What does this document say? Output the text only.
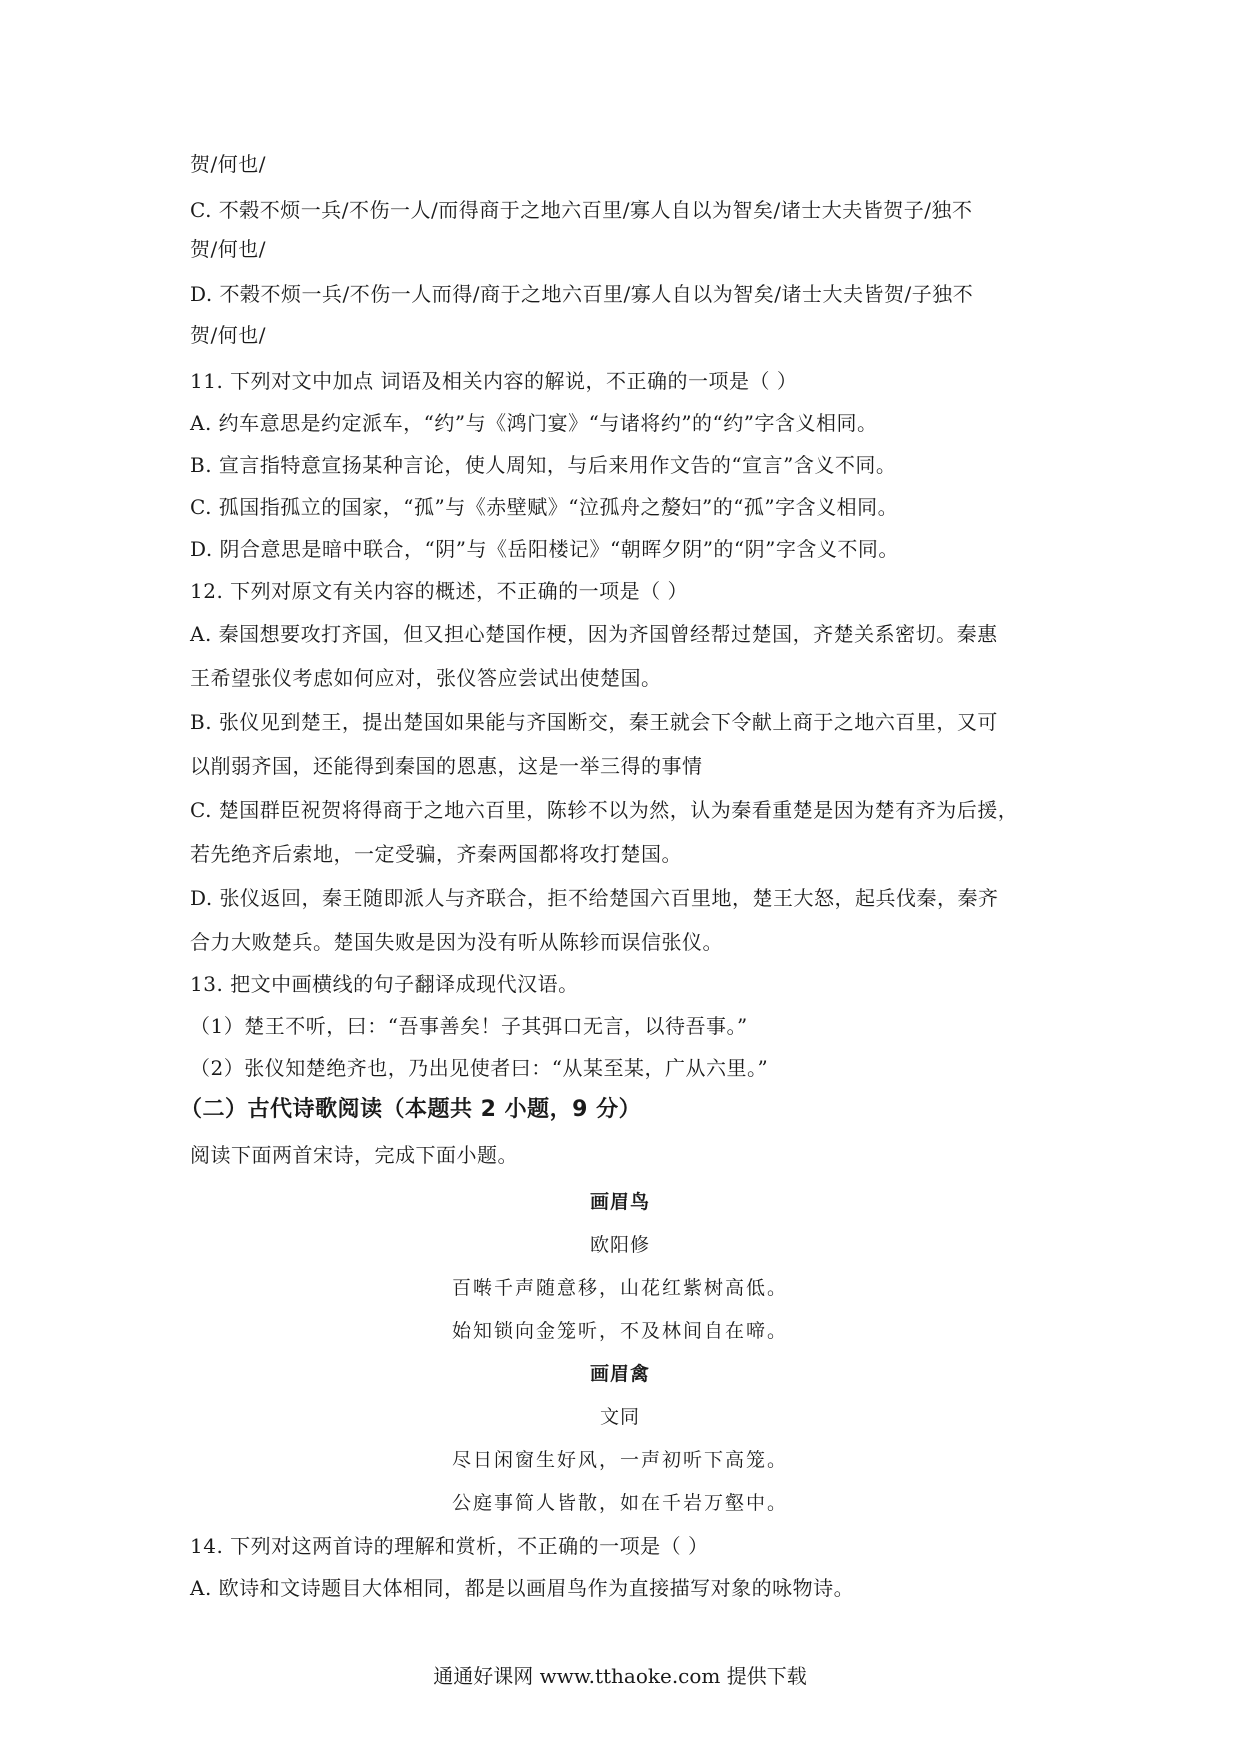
贺/何也/
C. 不榖不烦一兵/不伤一人/而得商于之地六百里/寡人自以为智矣/诸士大夫皆贺子/独不
贺/何也/
D. 不榖不烦一兵/不伤一人而得/商于之地六百里/寡人自以为智矣/诸士大夫皆贺/子独不
贺/何也/
11. 下列对文中加点 词语及相关内容的解说，不正确的一项是（ ）
A. 约车意思是约定派车，“约”与《鸿门宴》“与诸将约”的“约”字含义相同。
B. 宣言指特意宣扬某种言论，使人周知，与后来用作文告的“宣言”含义不同。
C. 孤国指孤立的国家，“孤”与《赤壁赋》“泣孤舟之嫠妇”的“孤”字含义相同。
D. 阴合意思是暗中联合，“阴”与《岳阳楼记》“朝晖夕阴”的“阴”字含义不同。
12. 下列对原文有关内容的概述，不正确的一项是（ ）
A. 秦国想要攻打齐国，但又担心楚国作梗，因为齐国曾经帮过楚国，齐楚关系密切。秦惠
王希望张仪考虑如何应对，张仪答应尝试出使楚国。
B. 张仪见到楚王，提出楚国如果能与齐国断交，秦王就会下令献上商于之地六百里，又可
以削弱齐国，还能得到秦国的恩惠，这是一举三得的事情
C. 楚国群臣祝贺将得商于之地六百里，陈轸不以为然，认为秦看重楚是因为楚有齐为后援，
若先绝齐后索地，一定受骗，齐秦两国都将攻打楚国。
D. 张仪返回，秦王随即派人与齐联合，拒不给楚国六百里地，楚王大怒，起兵伐秦，秦齐
合力大败楚兵。楚国失败是因为没有听从陈轸而误信张仪。
13. 把文中画横线的句子翻译成现代汉语。
（1）楚王不听，曰：“吾事善矣！子其弭口无言，以待吾事。”
（2）张仪知楚绝齐也，乃出见使者曰：“从某至某，广从六里。”
（二）古代诗歌阅读（本题共 2 小题，9 分）
阅读下面两首宋诗，完成下面小题。
画眉鸟
欧阳修
百啭千声随意移，山花红紫树高低。
始知锁向金笼听，不及林间自在啼。
画眉禽
文同
尽日闲窗生好风，一声初听下高笼。
公庭事简人皆散，如在千岩万壑中。
14. 下列对这两首诗的理解和赏析，不正确的一项是（ ）
A. 欧诗和文诗题目大体相同，都是以画眉鸟作为直接描写对象的咏物诗。
通通好课网 www.tthaoke.com 提供下载
